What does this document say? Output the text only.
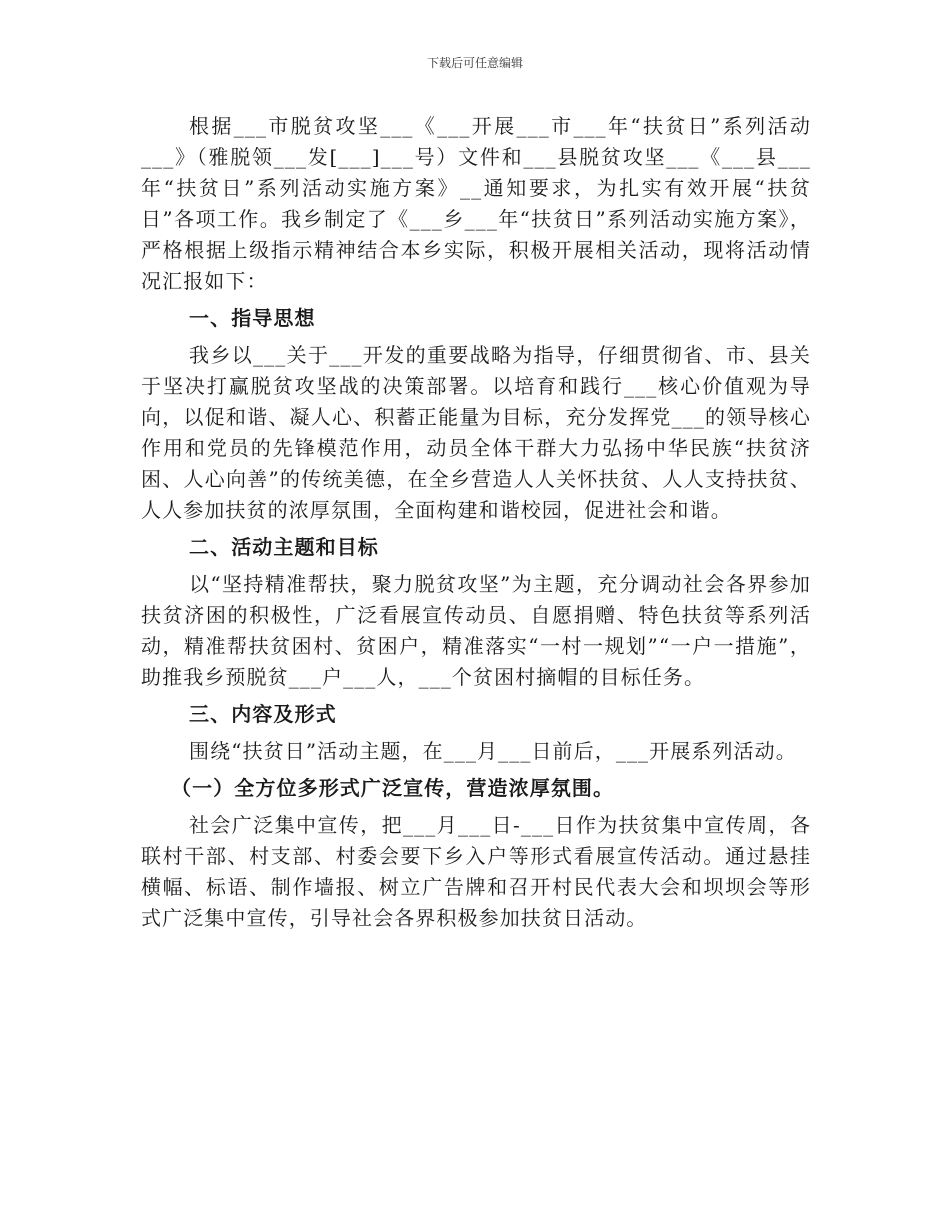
下载后可任意编辑

根据___市脱贫攻坚___《___开展___市___年“扶贫日”系列活动___》（雅脱领___发[___]___号）文件和___县脱贫攻坚___《___县___年“扶贫日”系列活动实施方案》__通知要求，为扎实有效开展“扶贫日”各项工作。我乡制定了《___乡___年“扶贫日”系列活动实施方案》，严格根据上级指示精神结合本乡实际，积极开展相关活动，现将活动情况汇报如下：

一、指导思想

我乡以___关于___开发的重要战略为指导，仔细贯彻省、市、县关于坚决打赢脱贫攻坚战的决策部署。以培育和践行___核心价值观为导向，以促和谐、凝人心、积蓄正能量为目标，充分发挥党___的领导核心作用和党员的先锋模范作用，动员全体干群大力弘扬中华民族“扶贫济困、人心向善”的传统美德，在全乡营造人人关怀扶贫、人人支持扶贫、人人参加扶贫的浓厚氛围，全面构建和谐校园，促进社会和谐。

二、活动主题和目标

以“坚持精准帮扶，聚力脱贫攻坚”为主题，充分调动社会各界参加扶贫济困的积极性，广泛看展宣传动员、自愿捐赠、特色扶贫等系列活动，精准帮扶贫困村、贫困户，精准落实“一村一规划”“一户一措施”，助推我乡预脱贫___户___人，___个贫困村摘帽的目标任务。

三、内容及形式

围绕“扶贫日”活动主题，在___月___日前后，___开展系列活动。

（一）全方位多形式广泛宣传，营造浓厚氛围。

社会广泛集中宣传，把___月___日-___日作为扶贫集中宣传周，各联村干部、村支部、村委会要下乡入户等形式看展宣传活动。通过悬挂横幅、标语、制作墙报、树立广告牌和召开村民代表大会和坝坝会等形式广泛集中宣传，引导社会各界积极参加扶贫日活动。
